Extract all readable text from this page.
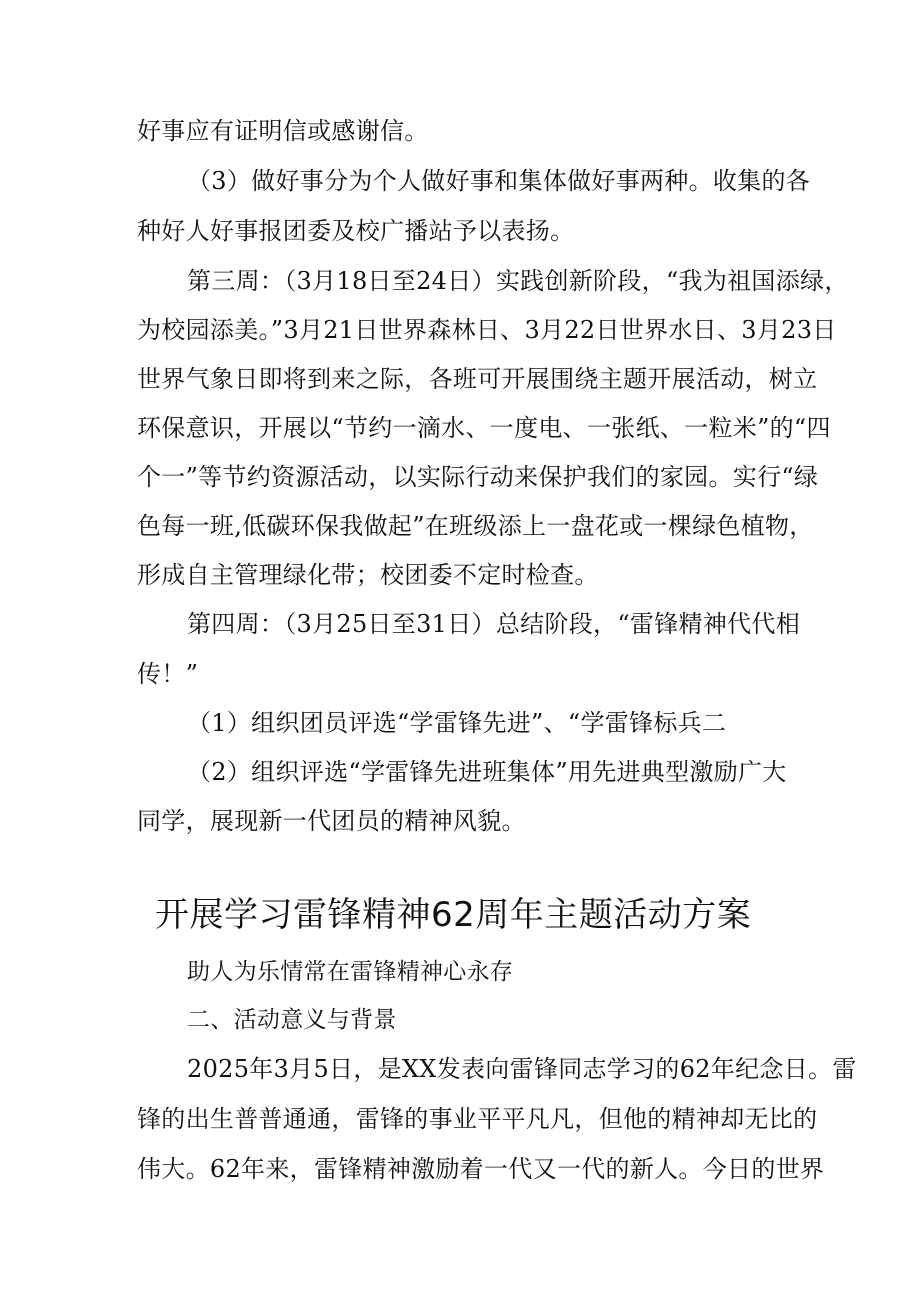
好事应有证明信或感谢信。
（3）做好事分为个人做好事和集体做好事两种。收集的各
种好人好事报团委及校广播站予以表扬。
第三周：（3月18日至24日）实践创新阶段，“我为祖国添绿，
为校园添美。”3月21日世界森林日、3月22日世界水日、3月23日
世界气象日即将到来之际，各班可开展围绕主题开展活动，树立
环保意识，开展以“节约一滴水、一度电、一张纸、一粒米”的“四
个一”等节约资源活动，以实际行动来保护我们的家园。实行“绿
色每一班,低碳环保我做起”在班级添上一盘花或一棵绿色植物，
形成自主管理绿化带；校团委不定时检查。
第四周：（3月25日至31日）总结阶段，“雷锋精神代代相
传！”
（1）组织团员评选“学雷锋先进”、“学雷锋标兵二
（2）组织评选“学雷锋先进班集体”用先进典型激励广大
同学，展现新一代团员的精神风貌。
开展学习雷锋精神62周年主题活动方案
助人为乐情常在雷锋精神心永存
二、活动意义与背景
2025年3月5日，是XX发表向雷锋同志学习的62年纪念日。雷
锋的出生普普通通，雷锋的事业平平凡凡，但他的精神却无比的
伟大。62年来，雷锋精神激励着一代又一代的新人。今日的世界
